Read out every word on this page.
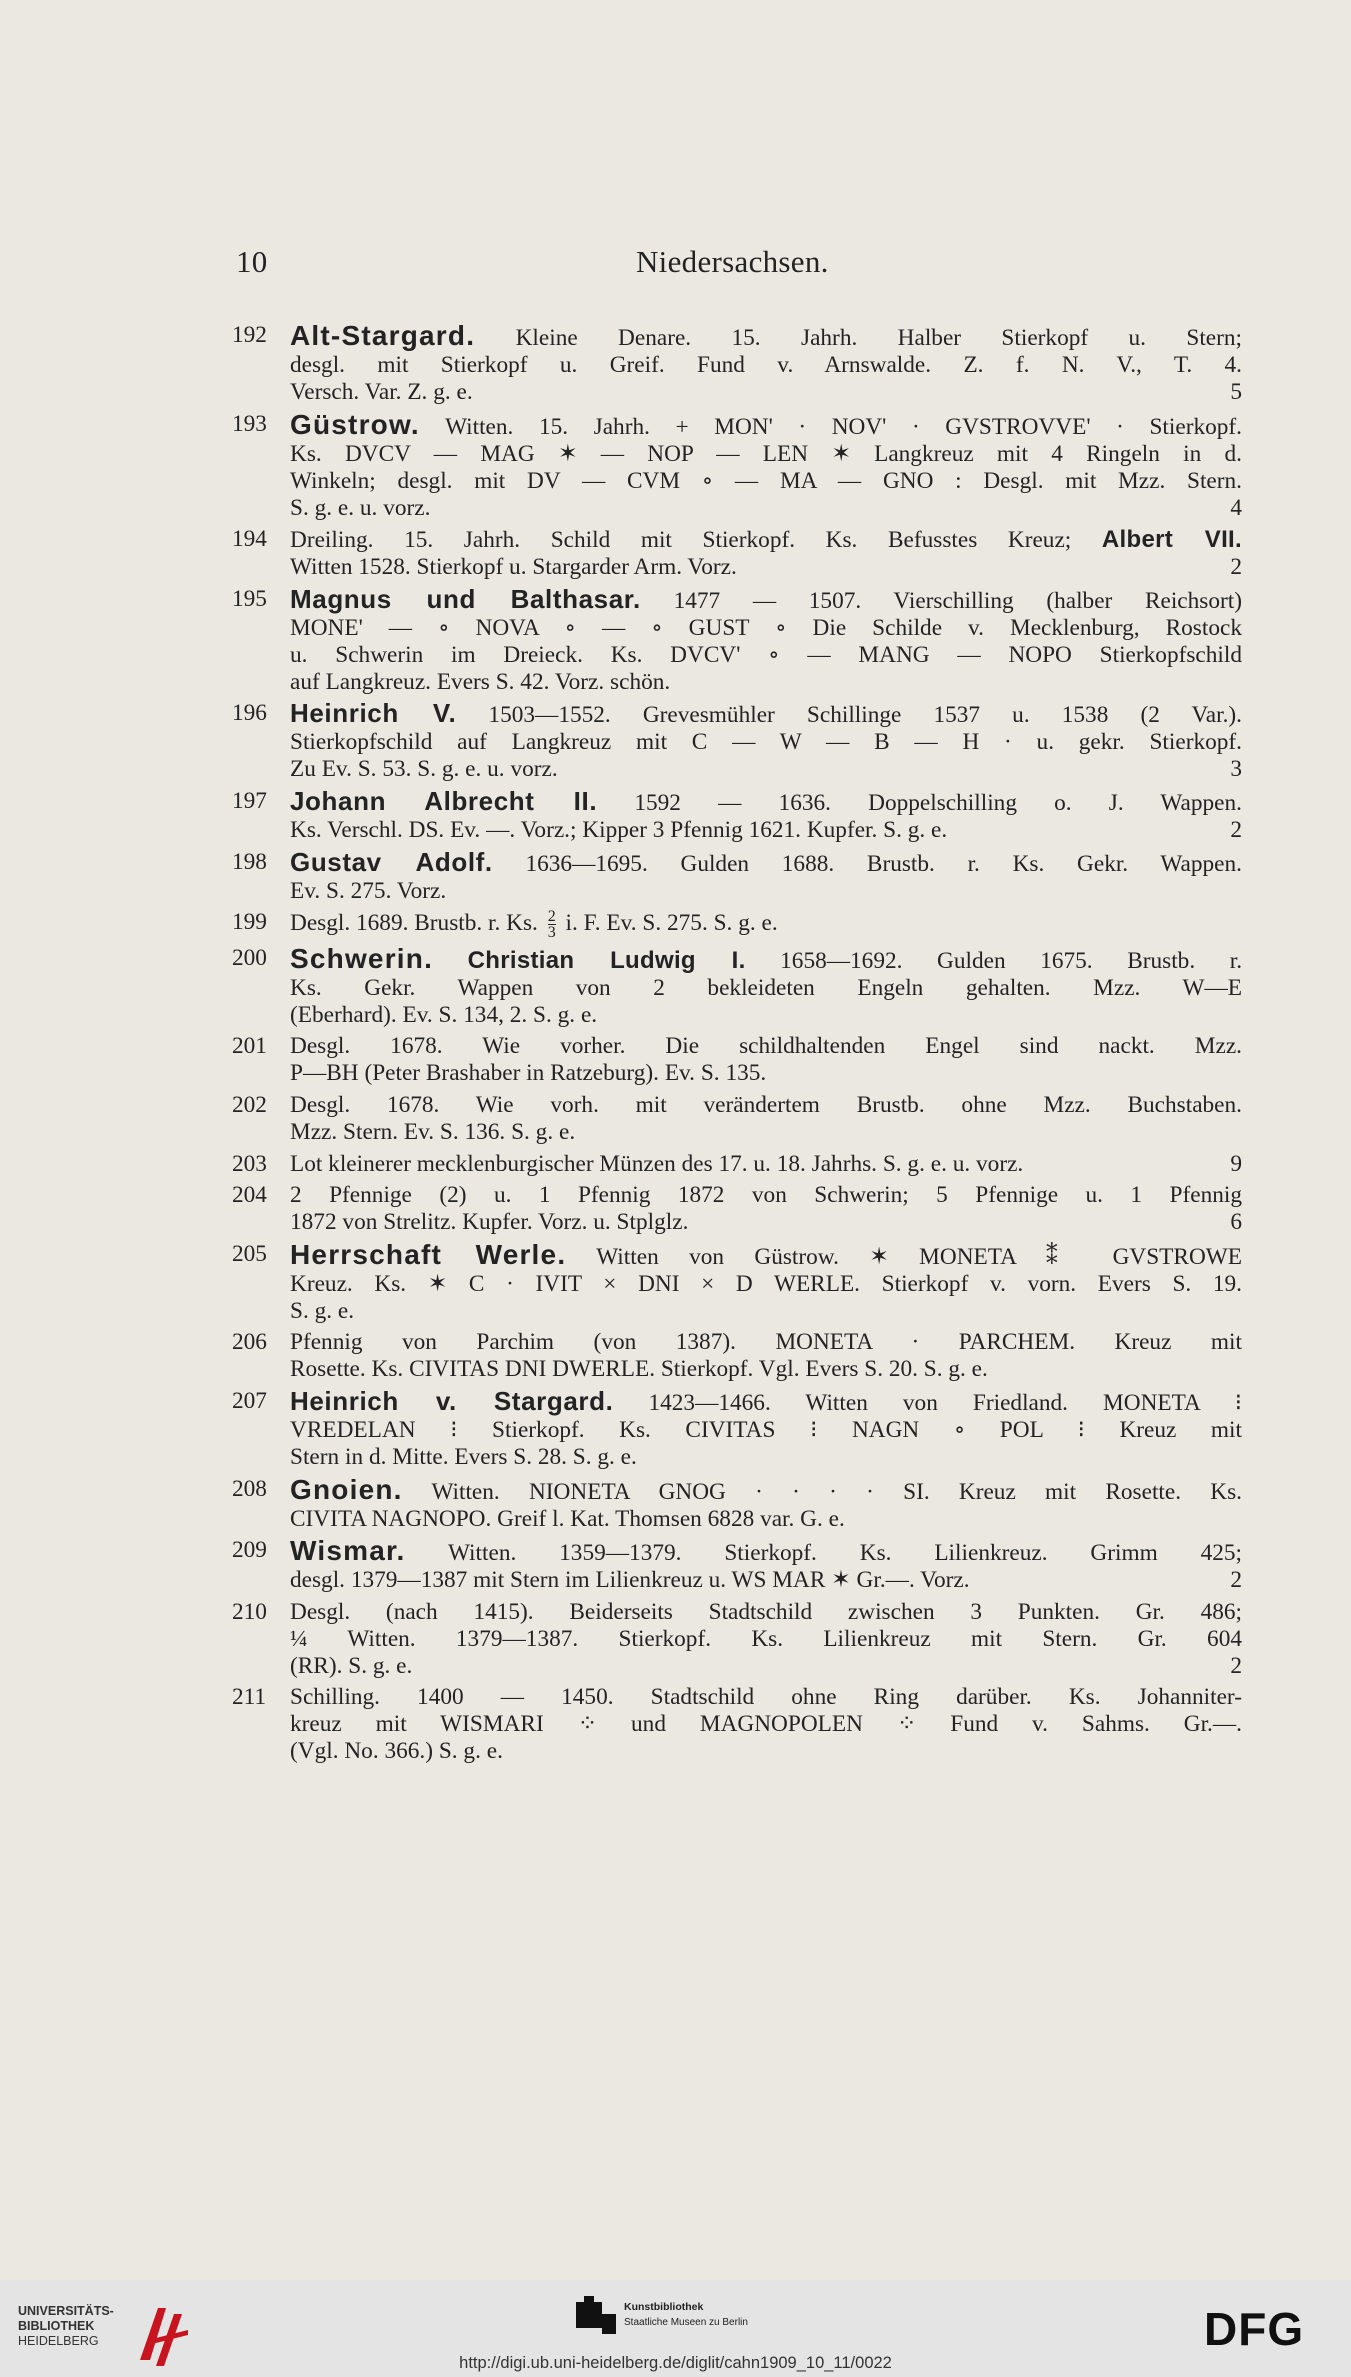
10	Niedersachsen.
192 Alt-Stargard. Kleine Denare. 15. Jahrh. Halber Stierkopf u. Stern;
desgl. mit Stierkopf u. Greif. Fund v. Arnswalde. Z. f. N. V., T. 4.
Versch. Var. Z. g. e.	5
193 Güstrow. Witten. 15. Jahrh. + MON' · NOV' · GVSTROVVE' · Stierkopf.
Ks. DVCV — MAG ✶ — NOP — LEN ✶ Langkreuz mit 4 Ringeln in d.
Winkeln; desgl. mit DV — CVM ∘ — MA — GNO : Desgl. mit Mzz. Stern.
S. g. e. u. vorz.	4
194 Dreiling. 15. Jahrh. Schild mit Stierkopf. Ks. Befusstes Kreuz; Albert VII.
Witten 1528. Stierkopf u. Stargarder Arm. Vorz.	2
195 Magnus und Balthasar. 1477 — 1507. Vierschilling (halber Reichsort)
MONE' — ∘ NOVA ∘ — ∘ GUST ∘ Die Schilde v. Mecklenburg, Rostock
u. Schwerin im Dreieck. Ks. DVCV' ∘ — MANG — NOPO Stierkopfschild
auf Langkreuz. Evers S. 42. Vorz. schön.
196 Heinrich V. 1503—1552. Grevesmühler Schillinge 1537 u. 1538 (2 Var.).
Stierkopfschild auf Langkreuz mit C — W — B — H · u. gekr. Stierkopf.
Zu Ev. S. 53. S. g. e. u. vorz.	3
197 Johann Albrecht II. 1592 — 1636. Doppelschilling o. J. Wappen.
Ks. Verschl. DS. Ev. —. Vorz.; Kipper 3 Pfennig 1621. Kupfer. S. g. e.	2
198 Gustav Adolf. 1636—1695. Gulden 1688. Brustb. r. Ks. Gekr. Wappen.
Ev. S. 275. Vorz.
199 Desgl. 1689. Brustb. r. Ks. $\frac{2}{3} i$. F. Ev. S. 275. S. g. e.
200 Schwerin. Christian Ludwig I. 1658—1692. Gulden 1675. Brustb. r.
Ks. Gekr. Wappen von 2 bekleideten Engeln gehalten. Mzz. W—E
(Eberhard). Ev. S. 134, 2. S. g. e.
201 Desgl. 1678. Wie vorher. Die schildhaltenden Engel sind nackt. Mzz.
P—BH (Peter Brashaber in Ratzeburg). Ev. S. 135.
202 Desgl. 1678. Wie vorh. mit verändertem Brustb. ohne Mzz. Buchstaben.
Mzz. Stern. Ev. S. 136. S. g. e.
203 Lot kleinerer mecklenburgischer Münzen des 17. u. 18. Jahrhs. S. g. e. u. vorz.	9
204 2 Pfennige (2) u. 1 Pfennig 1872 von Schwerin; 5 Pfennige u. 1 Pfennig
1872 von Strelitz. Kupfer. Vorz. u. Stplglz.	6
205 Herrschaft Werle. Witten von Güstrow. ✶ MONETA ⁑ GVSTROWE
Kreuz. Ks. ✶ C · IVIT × DNI × D WERLE. Stierkopf v. vorn. Evers S. 19.
S. g. e.
206 Pfennig von Parchim (von 1387). MONETA · PARCHEM. Kreuz mit
Rosette. Ks. CIVITAS DNI DWERLE. Stierkopf. Vgl. Evers S. 20. S. g. e.
207 Heinrich v. Stargard. 1423—1466. Witten von Friedland. MONETA ⁝
VREDELAN ⁝ Stierkopf. Ks. CIVITAS ⁝ NAGN ∘ POL ⁝ Kreuz mit
Stern in d. Mitte. Evers S. 28. S. g. e.
208 Gnoien. Witten. NIONETA GNOG · · · · SI. Kreuz mit Rosette. Ks.
CIVITA NAGNOPO. Greif l. Kat. Thomsen 6828 var. G. e.
209 Wismar. Witten. 1359—1379. Stierkopf. Ks. Lilienkreuz. Grimm 425;
desgl. 1379—1387 mit Stern im Lilienkreuz u. WS MAR ✶ Gr.—. Vorz.	2
210 Desgl. (nach 1415). Beiderseits Stadtschild zwischen 3 Punkten. Gr. 486;
¼ Witten. 1379—1387. Stierkopf. Ks. Lilienkreuz mit Stern. Gr. 604
(RR). S. g. e.	2
211 Schilling. 1400 — 1450. Stadtschild ohne Ring darüber. Ks. Johanniter-
kreuz mit WISMARI ⁘ und MAGNOPOLEN ⁘ Fund v. Sahms. Gr.—.
(Vgl. No. 366.) S. g. e.
UNIVERSITÄTS-
BIBLIOTHEK
HEIDELBERG
Kunstbibliothek
Staatliche Museen zu Berlin	DFG
http://digi.ub.uni-heidelberg.de/diglit/cahn1909_10_11/0022
